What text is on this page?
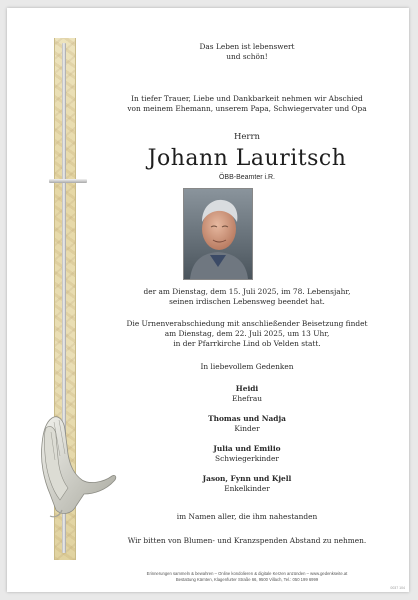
Das Leben ist lebenswert
und schön!
In tiefer Trauer, Liebe und Dankbarkeit nehmen wir Abschied
von meinem Ehemann, unserem Papa, Schwiegervater und Opa
Herrn
Johann Lauritsch
ÖBB-Beamter i.R.
der am Dienstag, dem 15. Juli 2025, im 78. Lebensjahr,
seinen irdischen Lebensweg beendet hat.
Die Urnenverabschiedung mit anschließender Beisetzung findet
am Dienstag, dem 22. Juli 2025, um 13 Uhr,
in der Pfarrkirche Lind ob Velden statt.
In liebevollem Gedenken
Heidi
Ehefrau
Thomas und Nadja
Kinder
Julia und Emilio
Schwiegerkinder
Jason, Fynn und Kjell
Enkelkinder
im Namen aller, die ihm nahestanden
Wir bitten von Blumen- und Kranzspenden Abstand zu nehmen.
Erinnerungen sammeln & bewahren – Online kondolieren & digitale Kerzen anzünden – www.gedenkseite.at
Bestattung Kärnten, Klagenfurter Straße 66, 9500 Villach, Tel.: 050 199 6999
0037 104
